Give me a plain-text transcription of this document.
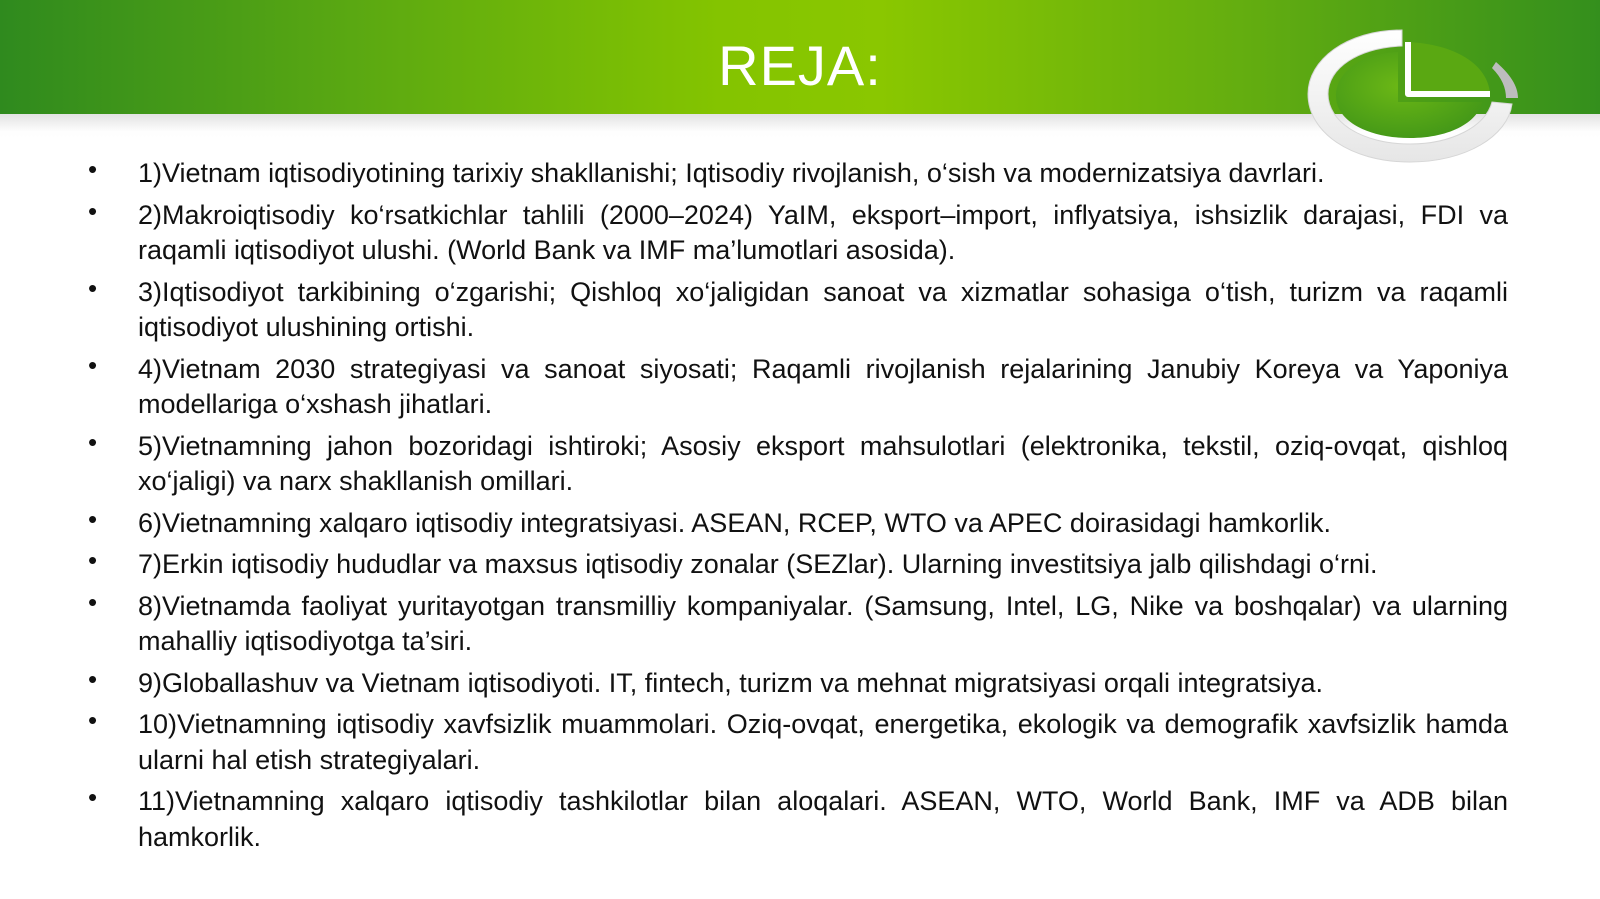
REJA:
• 1)Vietnam iqtisodiyotining tarixiy shakllanishi; Iqtisodiy rivojlanish, o‘sish va modernizatsiya davrlari.
• 2)Makroiqtisodiy ko‘rsatkichlar tahlili (2000–2024) YaIM, eksport–import, inflyatsiya, ishsizlik darajasi, FDI va raqamli iqtisodiyot ulushi. (World Bank va IMF ma’lumotlari asosida).
• 3)Iqtisodiyot tarkibining o‘zgarishi; Qishloq xo‘jaligidan sanoat va xizmatlar sohasiga o‘tish, turizm va raqamli iqtisodiyot ulushining ortishi.
• 4)Vietnam 2030 strategiyasi va sanoat siyosati; Raqamli rivojlanish rejalarining Janubiy Koreya va Yaponiya modellariga o‘xshash jihatlari.
• 5)Vietnamning jahon bozoridagi ishtiroki; Asosiy eksport mahsulotlari (elektronika, tekstil, oziq-ovqat, qishloq xo‘jaligi) va narx shakllanish omillari.
• 6)Vietnamning xalqaro iqtisodiy integratsiyasi. ASEAN, RCEP, WTO va APEC doirasidagi hamkorlik.
• 7)Erkin iqtisodiy hududlar va maxsus iqtisodiy zonalar (SEZlar). Ularning investitsiya jalb qilishdagi o‘rni.
• 8)Vietnamda faoliyat yuritayotgan transmilliy kompaniyalar. (Samsung, Intel, LG, Nike va boshqalar) va ularning mahalliy iqtisodiyotga ta’siri.
• 9)Globallashuv va Vietnam iqtisodiyoti. IT, fintech, turizm va mehnat migratsiyasi orqali integratsiya.
• 10)Vietnamning iqtisodiy xavfsizlik muammolari. Oziq-ovqat, energetika, ekologik va demografik xavfsizlik hamda ularni hal etish strategiyalari.
• 11)Vietnamning xalqaro iqtisodiy tashkilotlar bilan aloqalari. ASEAN, WTO, World Bank, IMF va ADB bilan hamkorlik.
